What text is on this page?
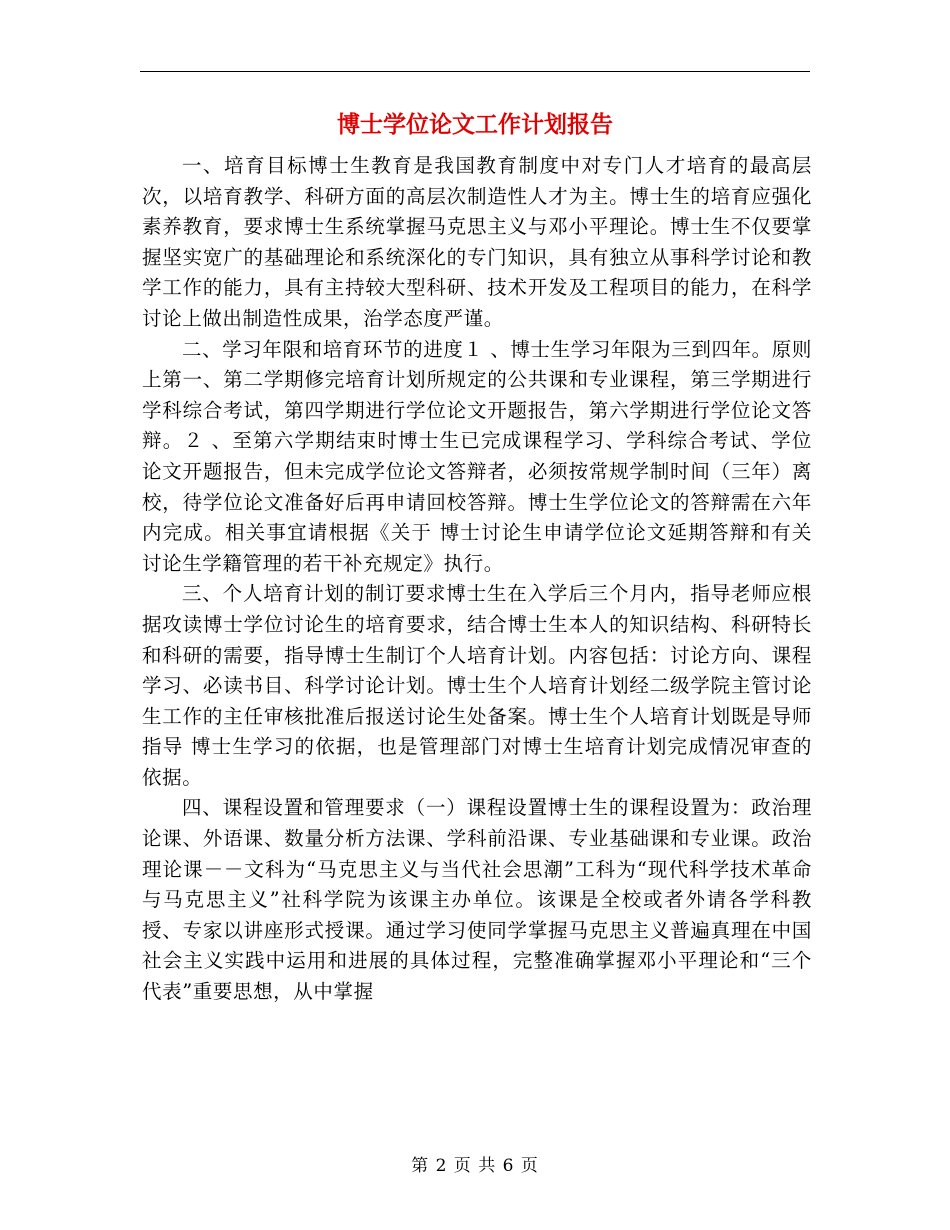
博士学位论文工作计划报告

一、培育目标博士生教育是我国教育制度中对专门人才培育的最高层次，以培育教学、科研方面的高层次制造性人才为主。博士生的培育应强化素养教育，要求博士生系统掌握马克思主义与邓小平理论。博士生不仅要掌握坚实宽广的基础理论和系统深化的专门知识，具有独立从事科学讨论和教学工作的能力，具有主持较大型科研、技术开发及工程项目的能力，在科学讨论上做出制造性成果，治学态度严谨。

二、学习年限和培育环节的进度１ 、博士生学习年限为三到四年。原则上第一、第二学期修完培育计划所规定的公共课和专业课程，第三学期进行学科综合考试，第四学期进行学位论文开题报告，第六学期进行学位论文答辩。２ 、至第六学期结束时博士生已完成课程学习、学科综合考试、学位论文开题报告，但未完成学位论文答辩者，必须按常规学制时间（三年）离校，待学位论文准备好后再申请回校答辩。博士生学位论文的答辩需在六年内完成。相关事宜请根据《关于 博士讨论生申请学位论文延期答辩和有关讨论生学籍管理的若干补充规定》执行。

三、个人培育计划的制订要求博士生在入学后三个月内，指导老师应根据攻读博士学位讨论生的培育要求，结合博士生本人的知识结构、科研特长和科研的需要，指导博士生制订个人培育计划。内容包括：讨论方向、课程学习、必读书目、科学讨论计划。博士生个人培育计划经二级学院主管讨论生工作的主任审核批准后报送讨论生处备案。博士生个人培育计划既是导师指导 博士生学习的依据，也是管理部门对博士生培育计划完成情况审查的依据。

四、课程设置和管理要求（一）课程设置博士生的课程设置为：政治理论课、外语课、数量分析方法课、学科前沿课、专业基础课和专业课。政治理论课－－文科为“马克思主义与当代社会思潮”工科为“现代科学技术革命与马克思主义”社科学院为该课主办单位。该课是全校或者外请各学科教授、专家以讲座形式授课。通过学习使同学掌握马克思主义普遍真理在中国社会主义实践中运用和进展的具体过程，完整准确掌握邓小平理论和“三个代表”重要思想，从中掌握

第 2 页 共 6 页
